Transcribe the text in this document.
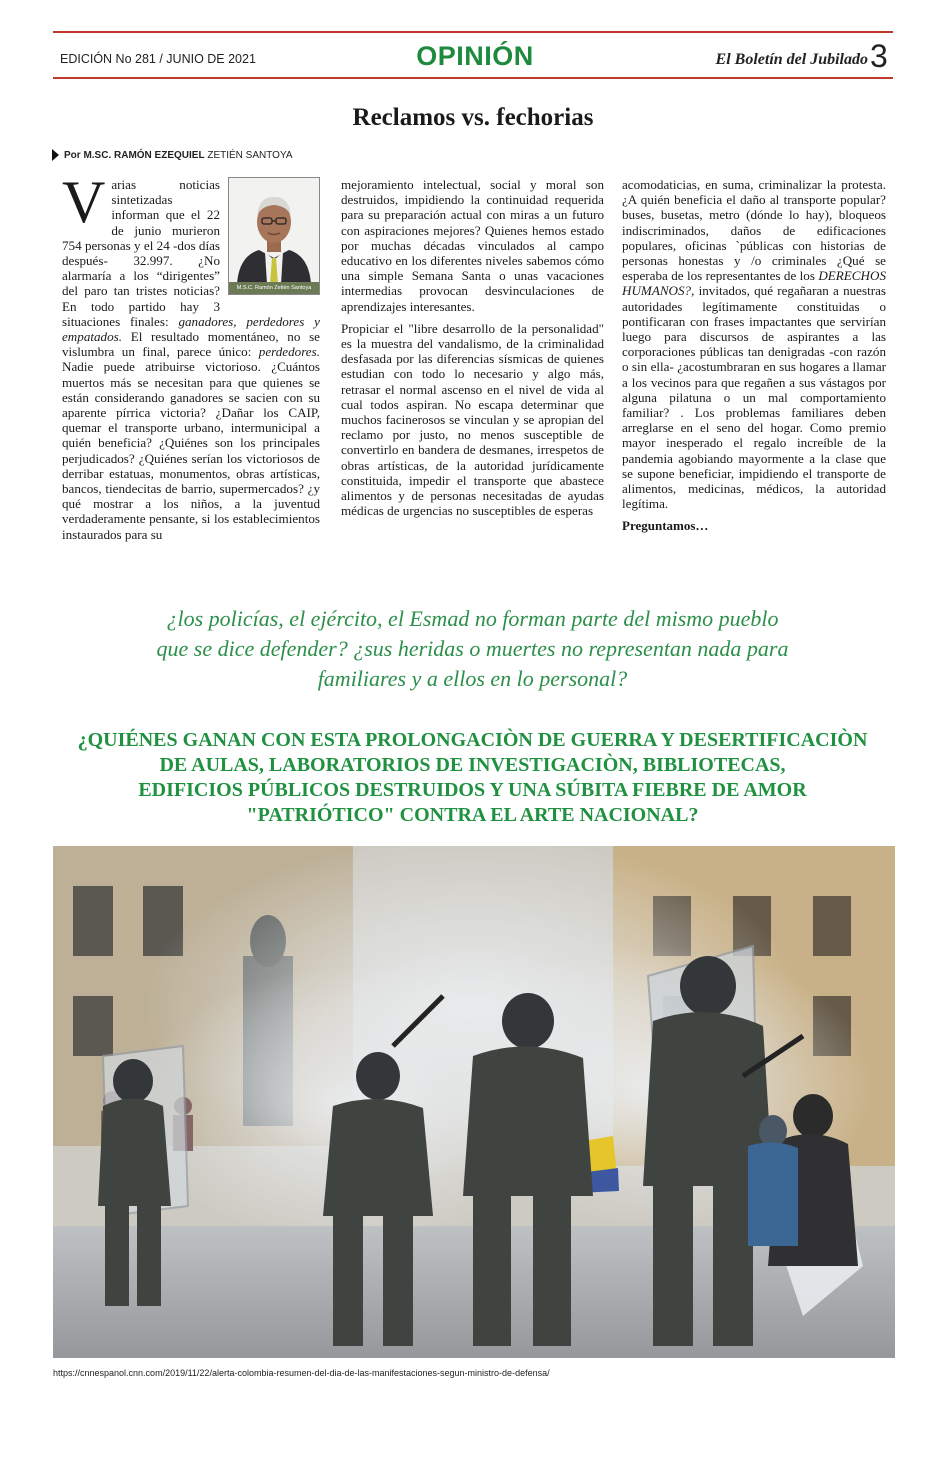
EDICIÓN No 281 / JUNIO DE 2021	OPINIÓN	El Boletín del Jubilado 3
Reclamos vs. fechorias
Por M.SC. RAMÓN EZEQUIEL ZETIÉN SANTOYA
M.S.C. Ramón Zetién Santoya

Varias noticias sintetizadas informan que el 22 de junio murieron 754 personas y el 24 -dos días después- 32.997. ¿No alarmaría a los “dirigentes” del paro tan tristes noticias? En todo partido hay 3 situaciones finales: ganadores, perdedores y empatados. El resultado momentáneo, no se vislumbra un final, parece único: perdedores. Nadie puede atribuirse victorioso. ¿Cuántos muertos más se necesitan para que quienes se están considerando ganadores se sacien con su aparente pírrica victoria? ¿Dañar los CAIP, quemar el transporte urbano, intermunicipal a quién beneficia? ¿Quiénes son los principales perjudicados? ¿Quiénes serían los victoriosos de derribar estatuas, monumentos, obras artísticas, bancos, tiendecitas de barrio, supermercados? ¿y qué mostrar a los niños, a la juventud verdaderamente pensante, si los establecimientos instaurados para su

mejoramiento intelectual, social y moral son destruidos, impidiendo la continuidad requerida para su preparación actual con miras a un futuro con aspiraciones mejores? Quienes hemos estado por muchas décadas vinculados al campo educativo en los diferentes niveles sabemos cómo una simple Semana Santa o unas vacaciones intermedias provocan desvinculaciones de aprendizajes interesantes.

Propiciar el "libre desarrollo de la personalidad" es la muestra del vandalismo, de la criminalidad desfasada por las diferencias sísmicas de quienes estudian con todo lo necesario y algo más, retrasar el normal ascenso en el nivel de vida al cual todos aspiran. No escapa determinar que muchos facinerosos se vinculan y se apropian del reclamo por justo, no menos susceptible de convertirlo en bandera de desmanes, irrespetos de obras artísticas, de la autoridad jurídicamente constituida, impedir el transporte que abastece alimentos y de personas necesitadas de ayudas médicas de urgencias no susceptibles de esperas

acomodaticias, en suma, criminalizar la protesta. ¿A quién beneficia el daño al transporte popular? buses, busetas, metro (dónde lo hay), bloqueos indiscriminados, daños de edificaciones populares, oficinas `públicas con historias de personas honestas y /o criminales ¿Qué se esperaba de los representantes de los DERECHOS HUMANOS?, invitados, qué regañaran a nuestras autoridades legítimamente constituidas o pontificaran con frases impactantes que servirían luego para discursos de aspirantes a las corporaciones públicas tan denigradas -con razón o sin ella- ¿acostumbraran en sus hogares a llamar a los vecinos para que regañen a sus vástagos por alguna pilatuna o un mal comportamiento familiar? . Los problemas familiares deben arreglarse en el seno del hogar. Como premio mayor inesperado el regalo increíble de la pandemia agobiando mayormente a la clase que se supone beneficiar, impidiendo el transporte de alimentos, medicinas, médicos, la autoridad legítima.

Preguntamos…
¿los policías, el ejército, el Esmad no forman parte del mismo pueblo
que se dice defender? ¿sus heridas o muertes no representan nada para
familiares y a ellos en lo personal?
¿QUIÉNES GANAN CON ESTA PROLONGACIÒN DE GUERRA Y DESERTIFICACIÒN
DE AULAS, LABORATORIOS DE INVESTIGACIÒN, BIBLIOTECAS,
EDIFICIOS PÚBLICOS DESTRUIDOS Y UNA SÚBITA FIEBRE DE AMOR
"PATRIÓTICO" CONTRA EL ARTE NACIONAL?
https://cnnespanol.cnn.com/2019/11/22/alerta-colombia-resumen-del-dia-de-las-manifestaciones-segun-ministro-de-defensa/
